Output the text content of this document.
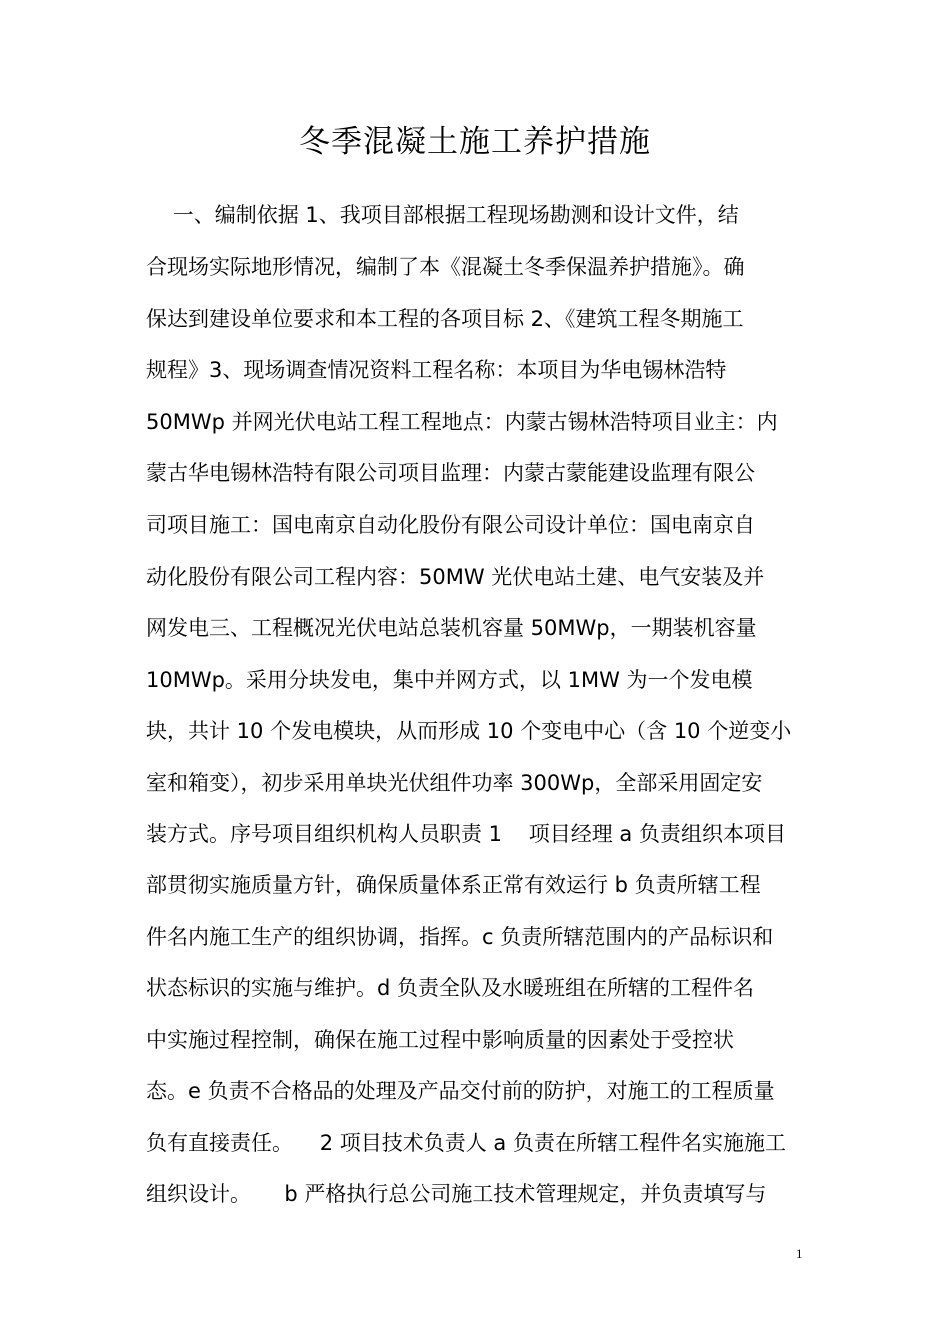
冬季混凝土施工养护措施
一、编制依据 1、我项目部根据工程现场勘测和设计文件，结
合现场实际地形情况，编制了本《混凝土冬季保温养护措施》。确
保达到建设单位要求和本工程的各项目标 2、《建筑工程冬期施工
规程》3、现场调查情况资料工程名称：本项目为华电锡林浩特
50MWp 并网光伏电站工程工程地点：内蒙古锡林浩特项目业主：内
蒙古华电锡林浩特有限公司项目监理：内蒙古蒙能建设监理有限公
司项目施工：国电南京自动化股份有限公司设计单位：国电南京自
动化股份有限公司工程内容：50MW 光伏电站土建、电气安装及并
网发电三、工程概况光伏电站总装机容量 50MWp，一期装机容量
10MWp。采用分块发电，集中并网方式，以 1MW 为一个发电模
块，共计 10 个发电模块，从而形成 10 个变电中心（含 10 个逆变小
室和箱变），初步采用单块光伏组件功率 300Wp，全部采用固定安
装方式。序号项目组织机构人员职责 1    项目经理 a 负责组织本项目
部贯彻实施质量方针，确保质量体系正常有效运行 b 负责所辖工程
件名内施工生产的组织协调，指挥。c 负责所辖范围内的产品标识和
状态标识的实施与维护。d 负责全队及水暖班组在所辖的工程件名
中实施过程控制，确保在施工过程中影响质量的因素处于受控状
态。e 负责不合格品的处理及产品交付前的防护，对施工的工程质量
负有直接责任。    2 项目技术负责人 a 负责在所辖工程件名实施施工
组织设计。     b 严格执行总公司施工技术管理规定，并负责填写与
1
